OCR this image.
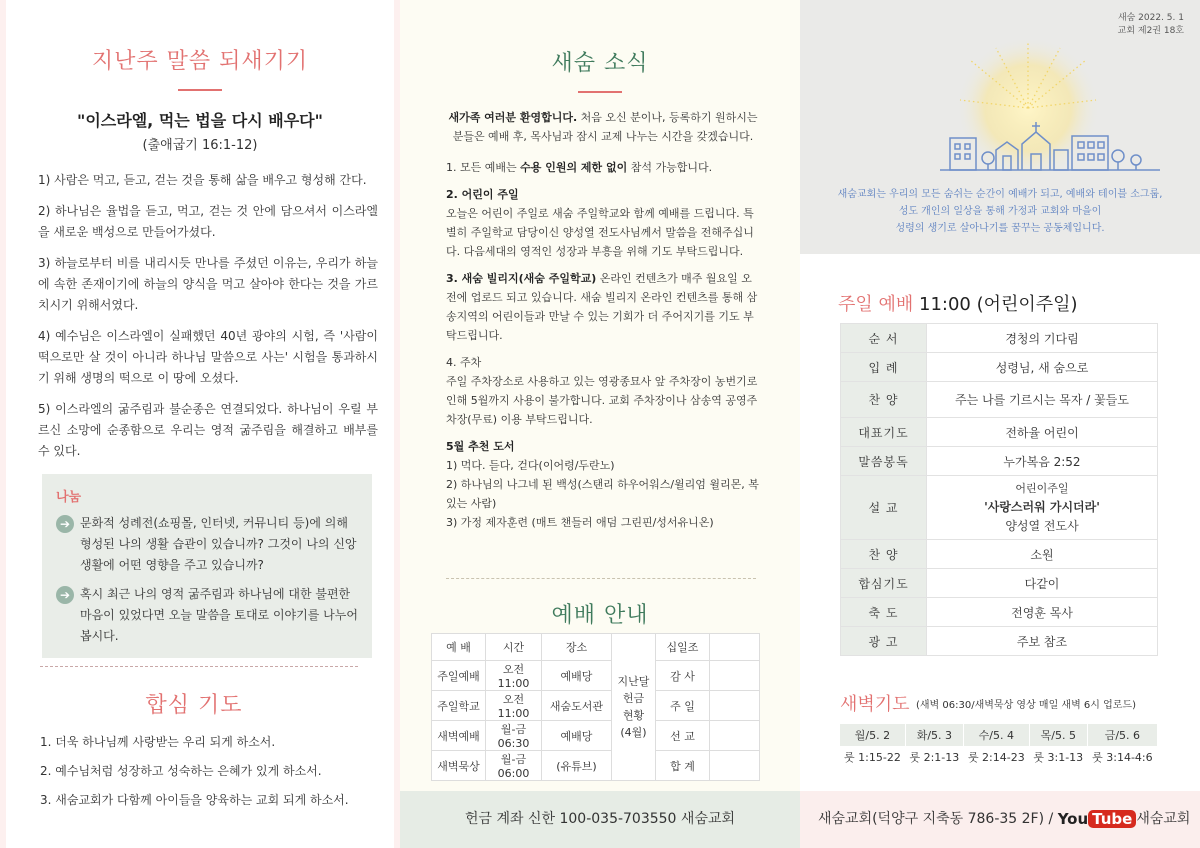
지난주 말씀 되새기기
"이스라엘, 먹는 법을 다시 배우다"
(출애굽기 16:1-12)

1) 사람은 먹고, 듣고, 걷는 것을 통해 삶을 배우고 형성해 간다.

2) 하나님은 율법을 듣고, 먹고, 걷는 것 안에 담으셔서 이스라엘을 새로운 백성으로 만들어가셨다.

3) 하늘로부터 비를 내리시듯 만나를 주셨던 이유는, 우리가 하늘에 속한 존재이기에 하늘의 양식을 먹고 살아야 한다는 것을 가르치시기 위해서였다.

4) 예수님은 이스라엘이 실패했던 40년 광야의 시험, 즉 '사람이 떡으로만 살 것이 아니라 하나님 말씀으로 사는' 시험을 통과하시기 위해 생명의 떡으로 이 땅에 오셨다.

5) 이스라엘의 굶주림과 불순종은 연결되었다. 하나님이 우릴 부르신 소망에 순종함으로 우리는 영적 굶주림을 해결하고 배부를 수 있다.

나눔
➔ 문화적 성례전(쇼핑몰, 인터넷, 커뮤니티 등)에 의해 형성된 나의 생활 습관이 있습니까? 그것이 나의 신앙생활에 어떤 영향을 주고 있습니까?
➔ 혹시 최근 나의 영적 굶주림과 하나님에 대한 불편한 마음이 있었다면 오늘 말씀을 토대로 이야기를 나누어봅시다.
합심 기도
1. 더욱 하나님께 사랑받는 우리 되게 하소서.
2. 예수님처럼 성장하고 성숙하는 은혜가 있게 하소서.
3. 새숨교회가 다함께 아이들을 양육하는 교회 되게 하소서.
새숨 소식
새가족 여러분 환영합니다. 처음 오신 분이나, 등록하기 원하시는 분들은 예배 후, 목사님과 잠시 교제 나누는 시간을 갖겠습니다.
1. 모든 예배는 수용 인원의 제한 없이 참석 가능합니다.
2. 어린이 주일
오늘은 어린이 주일로 새숨 주일학교와 함께 예배를 드립니다. 특별히 주일학교 담당이신 양성열 전도사님께서 말씀을 전해주십니다. 다음세대의 영적인 성장과 부흥을 위해 기도 부탁드립니다.
3. 새숨 빌리지(새숨 주일학교) 온라인 컨텐츠가 매주 월요일 오전에 업로드 되고 있습니다. 새숨 빌리지 온라인 컨텐츠를 통해 삼송지역의 어린이들과 만날 수 있는 기회가 더 주어지기를 기도 부탁드립니다.
4. 주차
주일 주차장소로 사용하고 있는 영광종묘사 앞 주차장이 농번기로 인해 5월까지 사용이 불가합니다. 교회 주차장이나 삼송역 공영주차장(무료) 이용 부탁드립니다.
5월 추천 도서
1) 먹다. 듣다, 걷다(이어령/두란노)
2) 하나님의 나그네 된 백성(스탠리 하우어워스/윌리엄 윌리몬, 복있는 사람)
3) 가정 제자훈련 (매트 챈들러 애덤 그린핀/성서유니온)
예배 안내
예 배	시간	장소	지난달 헌금 현황 (4월)	십일조	
주일예배	오전 11:00	예배당		감 사	
주일학교	오전 11:00	새숨도서관		주 일	
새벽예배	월-금 06:30	예배당		선 교	
새벽묵상	월-금 06:00	(유튜브)		합 계	
헌금 계좌 신한 100-035-703550 새숨교회
새숨 2022. 5. 1
교회 제2권 18호
새숨교회는 우리의 모든 숨쉬는 순간이 예배가 되고, 예배와 테이블 소그룹,
성도 개인의 일상을 통해 가정과 교회와 마을이
성령의 생기로 살아나기를 꿈꾸는 공동체입니다.
주일 예배 11:00 (어린이주일)
순 서	경청의 기다림
입 례	성령님, 새 숨으로
찬 양	주는 나를 기르시는 목자 / 꽃들도
대표기도	전하율 어린이
말씀봉독	누가복음 2:52
설 교	어린이주일
'사랑스러워 가시더라'
양성열 전도사

찬 양	소원
합심기도	다같이
축 도	전영훈 목사
광 고	주보 참조
새벽기도 (새벽 06:30/새벽묵상 영상 매일 새벽 6시 업로드)
월/5. 2	화/5. 3	수/5. 4	목/5. 5	금/5. 6
룻 1:15-22	룻 2:1-13	룻 2:14-23	룻 3:1-13	룻 3:14-4:6
새숨교회(덕양구 지축동 786-35 2F) / You Tube 새숨교회
